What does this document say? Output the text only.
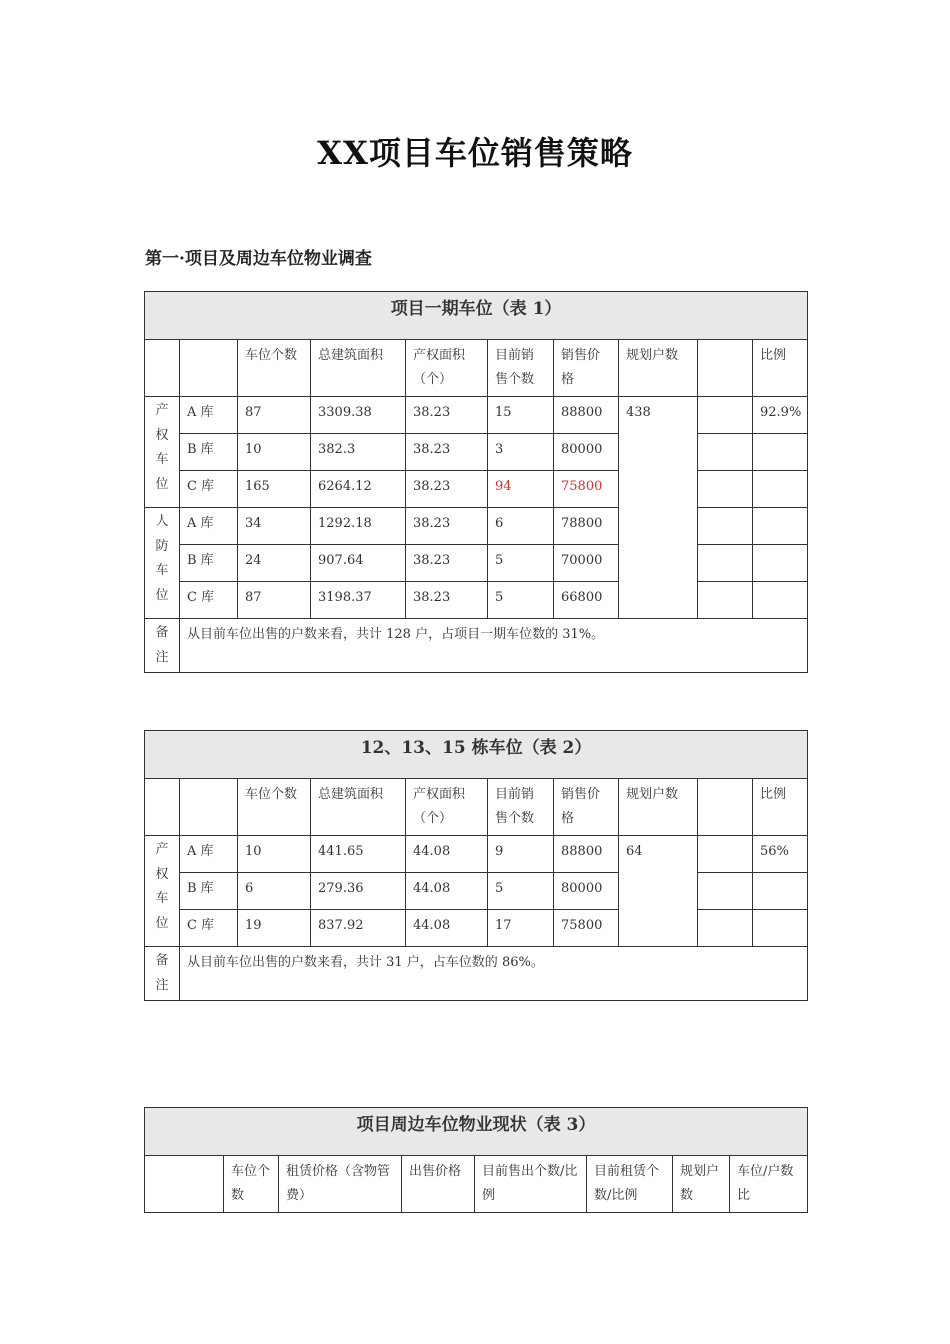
XX项目车位销售策略
第一·项目及周边车位物业调查
项目一期车位（表 1）									
		车位个数	总建筑面积	产权面积（个）	目前销售个数	销售价格	规划户数		比例

产
权
车
位	A 库	87	3309.38	38.23	15	88800	438		92.9%
	B 库	10	382.3	38.23	3	80000			
	C 库	165	6264.12	38.23	94	75800			

人
防
车
位	A 库	34	1292.18	38.23	6	78800			
	B 库	24	907.64	38.23	5	70000			
	C 库	87	3198.37	38.23	5	66800			

备
注	从目前车位出售的户数来看，共计 128 户，占项目一期车位数的 31%。								
12、13、15 栋车位（表 2）									
		车位个数	总建筑面积	产权面积（个）	目前销售个数	销售价格	规划户数		比例

产
权
车
位	A 库	10	441.65	44.08	9	88800	64		56%
	B 库	6	279.36	44.08	5	80000			
	C 库	19	837.92	44.08	17	75800			

备
注	从目前车位出售的户数来看，共计 31 户，占车位数的 86%。								
项目周边车位物业现状（表 3）
	车位个数	租赁价格（含物管费）	出售价格	目前售出个数/比例	目前租赁个数/比例	规划户数	车位/户数比
